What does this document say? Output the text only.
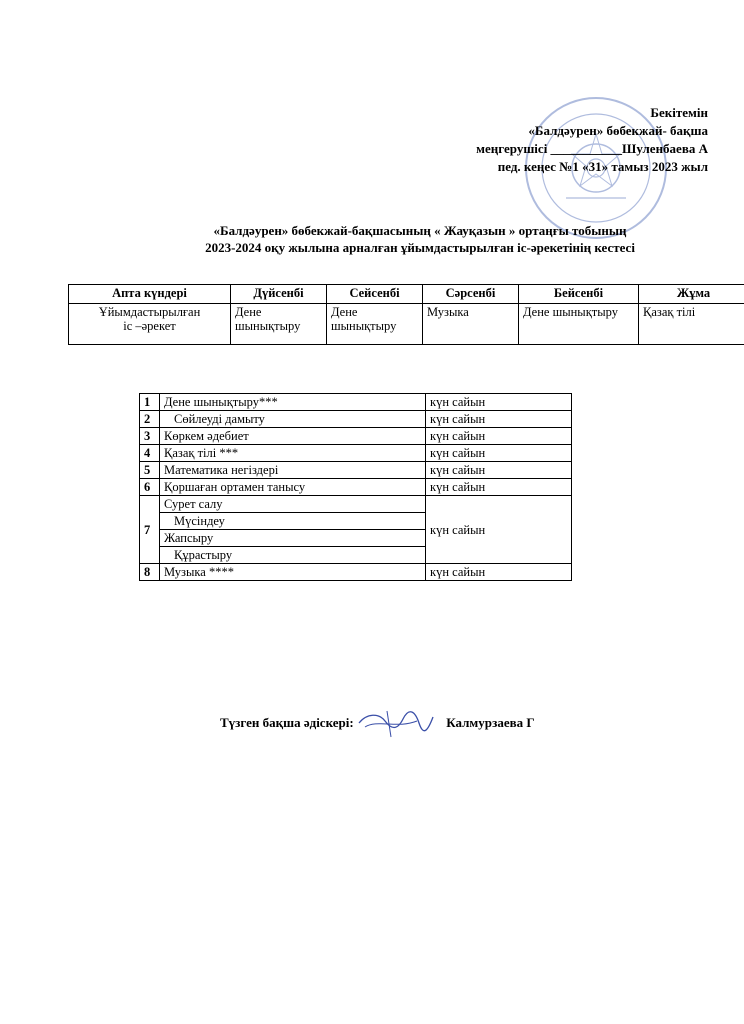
Бекітемін
«Балдәурен» бөбекжай- бақша
меңгерушісі ___________Шуленбаева А
пед. кеңес №1 «31» тамыз 2023 жыл
«Балдәурен» бөбекжай-бақшасының « Жауқазын » ортаңғы тобының
2023-2024 оқу жылына арналған ұйымдастырылған іс-әрекетінің кестесі
Апта күндері	Дүйсенбі	Сейсенбі	Сәрсенбі	Бейсенбі	Жұма

Ұйымдастырылған
іс –әрекет	Дене шынықтыру	Дене шынықтыру	Музыка	Дене шынықтыру	Қазақ тілі
1	Дене шынықтыру***	күн сайын
2	Сөйлеуді дамыту	күн сайын
3	Көркем әдебиет	күн сайын
4	Қазақ тілі ***	күн сайын
5	Математика негіздері	күн сайын
6	Қоршаған ортамен танысу	күн сайын
7	Сурет салу	күн сайын
	Мүсіндеу	
	Жапсыру	
	Құрастыру	
8	Музыка ****	күн сайын
Түзген бақша әдіскері:	Калмурзаева Г
